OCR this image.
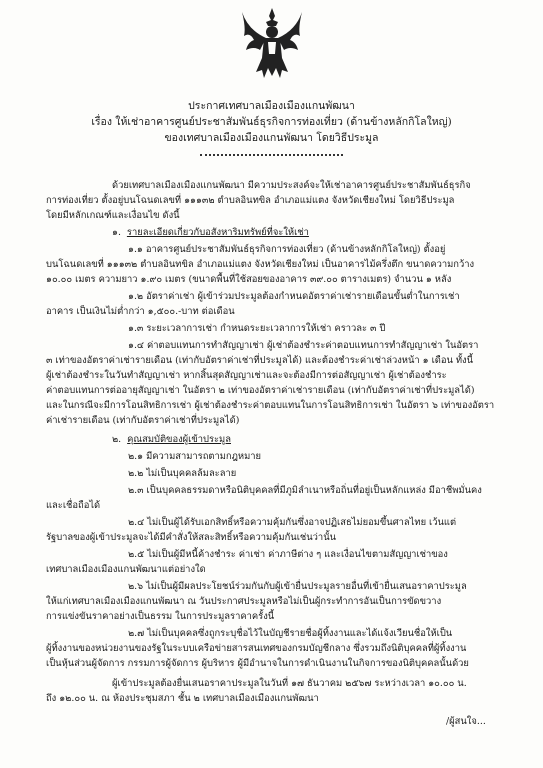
ประกาศเทศบาลเมืองเมืองแกนพัฒนา
เรื่อง ให้เช่าอาคารศูนย์ประชาสัมพันธ์ธุรกิจการท่องเที่ยว (ด้านข้างหลักกิโลใหญ่)
ของเทศบาลเมืองเมืองแกนพัฒนา โดยวิธีประมูล
ด้วยเทศบาลเมืองเมืองแกนพัฒนา มีความประสงค์จะให้เช่าอาคารศูนย์ประชาสัมพันธ์ธุรกิจ
การท่องเที่ยว ตั้งอยู่บนโฉนดเลขที่ ๑๑๑๓๒ ตำบลอินทขิล อำเภอแม่แตง จังหวัดเชียงใหม่ โดยวิธีประมูล
โดยมีหลักเกณฑ์และเงื่อนไข ดังนี้
๑. รายละเอียดเกี่ยวกับอสังหาริมทรัพย์ที่จะให้เช่า
๑.๑ อาคารศูนย์ประชาสัมพันธ์ธุรกิจการท่องเที่ยว (ด้านข้างหลักกิโลใหญ่) ตั้งอยู่
บนโฉนดเลขที่ ๑๑๑๓๒ ตำบลอินทขิล อำเภอแม่แตง จังหวัดเชียงใหม่ เป็นอาคารไม้ครึ่งตึก ขนาดความกว้าง
๑๐.๐๐ เมตร ความยาว ๑.๙๐ เมตร (ขนาดพื้นที่ใช้สอยของอาคาร ๓๙.๐๐ ตารางเมตร) จำนวน ๑ หลัง
๑.๒ อัตราค่าเช่า ผู้เข้าร่วมประมูลต้องกำหนดอัตราค่าเช่ารายเดือนขั้นต่ำในการเช่า
อาคาร เป็นเงินไม่ต่ำกว่า ๑,๕๐๐.-บาท ต่อเดือน
๑.๓ ระยะเวลาการเช่า กำหนดระยะเวลาการให้เช่า คราวละ ๓ ปี
๑.๔ ค่าตอบแทนการทำสัญญาเช่า ผู้เช่าต้องชำระค่าตอบแทนการทำสัญญาเช่า ในอัตรา
๓ เท่าของอัตราค่าเช่ารายเดือน (เท่ากับอัตราค่าเช่าที่ประมูลได้) และต้องชำระค่าเช่าล่วงหน้า ๑ เดือน ทั้งนี้
ผู้เช่าต้องชำระในวันทำสัญญาเช่า หากสิ้นสุดสัญญาเช่าและจะต้องมีการต่อสัญญาเช่า ผู้เช่าต้องชำระ
ค่าตอบแทนการต่ออายุสัญญาเช่า ในอัตรา ๒ เท่าของอัตราค่าเช่ารายเดือน (เท่ากับอัตราค่าเช่าที่ประมูลได้)
และในกรณีจะมีการโอนสิทธิการเช่า ผู้เช่าต้องชำระค่าตอบแทนในการโอนสิทธิการเช่า ในอัตรา ๖ เท่าของอัตรา
ค่าเช่ารายเดือน (เท่ากับอัตราค่าเช่าที่ประมูลได้)
๒. คุณสมบัติของผู้เข้าประมูล
๒.๑ มีความสามารถตามกฎหมาย
๒.๒ ไม่เป็นบุคคลล้มละลาย
๒.๓ เป็นบุคคลธรรมดาหรือนิติบุคคลที่มีภูมิลำเนาหรือถิ่นที่อยู่เป็นหลักแหล่ง มีอาชีพมั่นคง
และเชื่อถือได้
๒.๔ ไม่เป็นผู้ได้รับเอกสิทธิ์หรือความคุ้มกันซึ่งอาจปฏิเสธไม่ยอมขึ้นศาลไทย เว้นแต่
รัฐบาลของผู้เข้าประมูลจะได้มีคำสั่งให้สละสิทธิ์หรือความคุ้มกันเช่นว่านั้น
๒.๕ ไม่เป็นผู้มีหนี้ค้างชำระ ค่าเช่า ค่าภาษีต่าง ๆ และเงื่อนไขตามสัญญาเช่าของ
เทศบาลเมืองเมืองแกนพัฒนาแต่อย่างใด
๒.๖ ไม่เป็นผู้มีผลประโยชน์ร่วมกันกับผู้เข้ายื่นประมูลรายอื่นที่เข้ายื่นเสนอราคาประมูล
ให้แก่เทศบาลเมืองเมืองแกนพัฒนา ณ วันประกาศประมูลหรือไม่เป็นผู้กระทำการอันเป็นการขัดขวาง
การแข่งขันราคาอย่างเป็นธรรม ในการประมูลราคาครั้งนี้
๒.๗ ไม่เป็นบุคคลซึ่งถูกระบุชื่อไว้ในบัญชีรายชื่อผู้ทิ้งงานและได้แจ้งเวียนชื่อให้เป็น
ผู้ทิ้งงานของหน่วยงานของรัฐในระบบเครือข่ายสารสนเทศของกรมบัญชีกลาง ซึ่งรวมถึงนิติบุคคลที่ผู้ทิ้งงาน
เป็นหุ้นส่วนผู้จัดการ กรรมการผู้จัดการ ผู้บริหาร ผู้มีอำนาจในการดำเนินงานในกิจการของนิติบุคคลนั้นด้วย
ผู้เข้าประมูลต้องยื่นเสนอราคาประมูลในวันที่ ๑๗ ธันวาคม ๒๕๖๗ ระหว่างเวลา ๑๐.๐๐ น.
ถึง ๑๒.๐๐ น. ณ ห้องประชุมสภา ชั้น ๒ เทศบาลเมืองเมืองแกนพัฒนา
/ผู้สนใจ...
